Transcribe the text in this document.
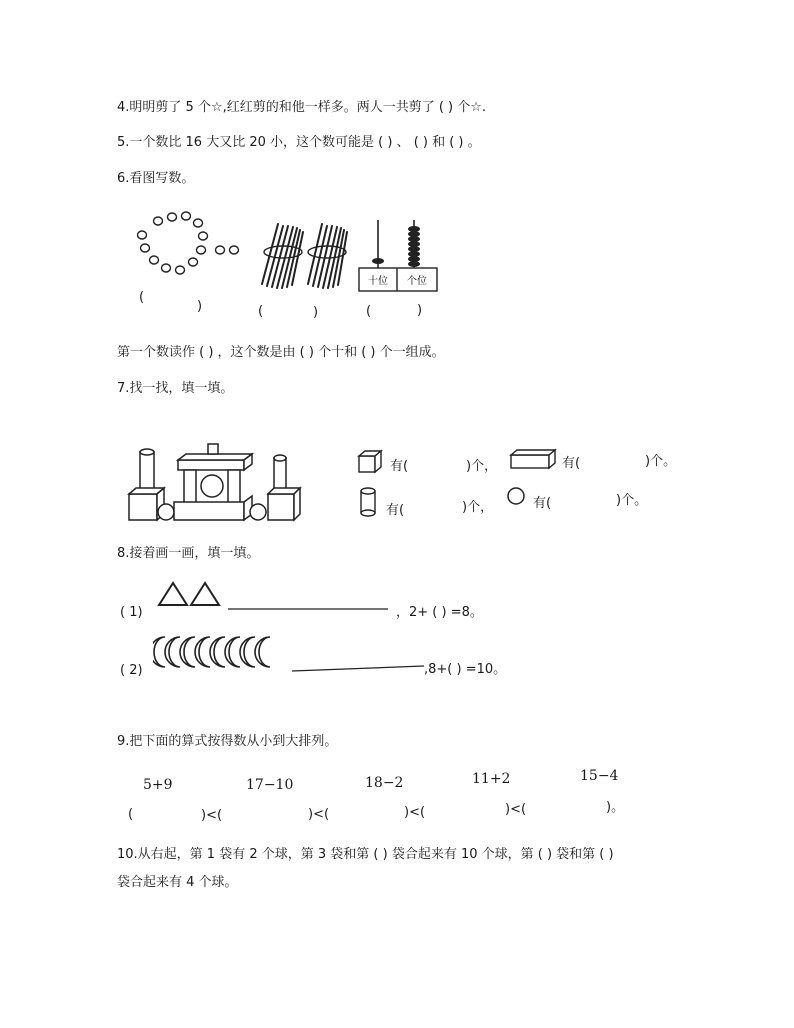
4.明明剪了 5 个☆,红红剪的和他一样多。两人一共剪了 ( ) 个☆.
5.一个数比 16 大又比 20 小，这个数可能是 ( ) 、 ( ) 和 ( ) 。
6.看图写数。
十位 个位
(
)	(	)	(	)
第一个数读作 ( ) ，这个数是由 ( ) 个十和 ( ) 个一组成。
7.找一找，填一填。
有(	)个，	有(	)个。
有(	)个，	有(	)个。
8.接着画一画，填一填。
( 1)	，2+ ( ) =8。
( 2)	,8+( ) =10。
9.把下面的算式按得数从小到大排列。
5+9	17−10	18−2	11+2	15−4
(	)<(	)<(	)<(	)<(	)。
10.从右起，第 1 袋有 2 个球，第 3 袋和第 ( ) 袋合起来有 10 个球，第 ( ) 袋和第 ( )
袋合起来有 4 个球。
